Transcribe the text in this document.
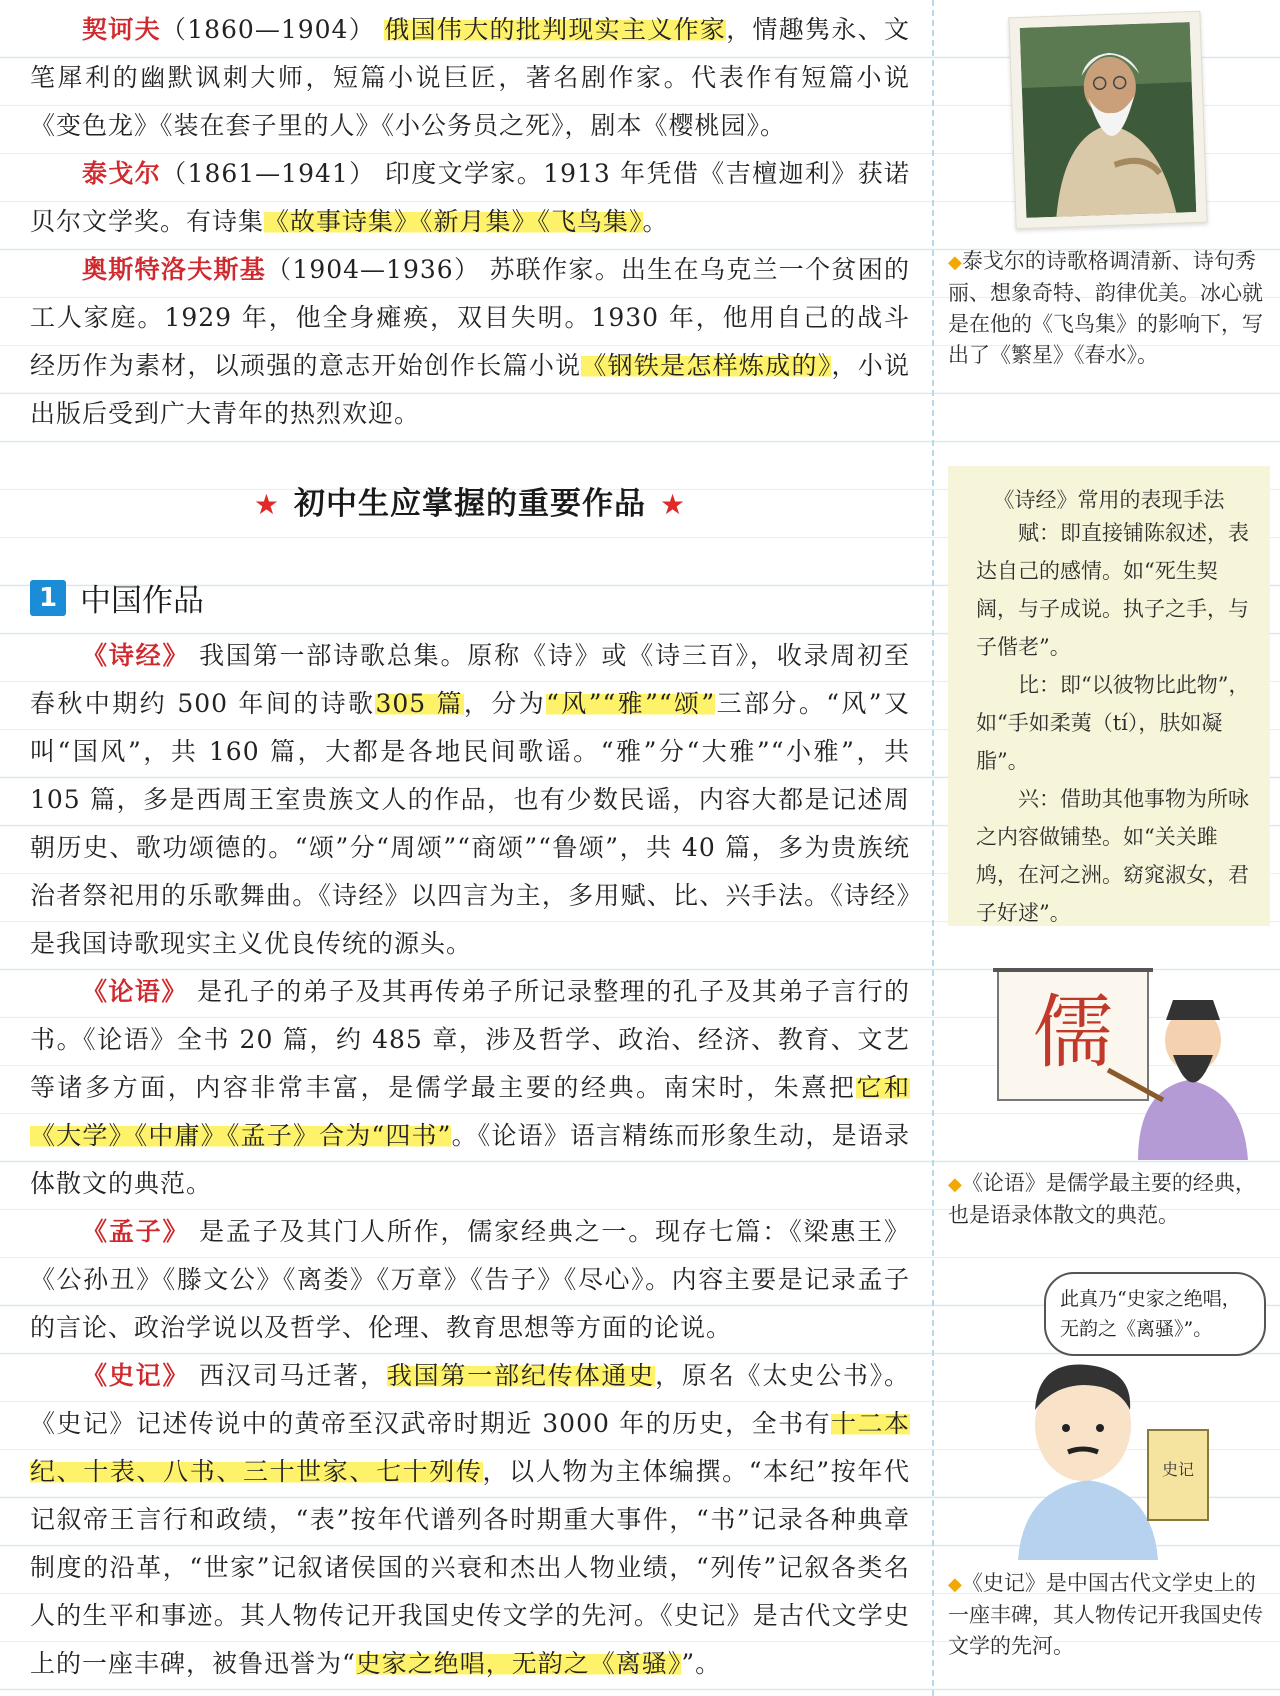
契诃夫（1860—1904） 俄国伟大的批判现实主义作家，情趣隽永、文笔犀利的幽默讽刺大师，短篇小说巨匠，著名剧作家。代表作有短篇小说《变色龙》《装在套子里的人》《小公务员之死》，剧本《樱桃园》。

泰戈尔（1861—1941） 印度文学家。1913 年凭借《吉檀迦利》获诺贝尔文学奖。有诗集《故事诗集》《新月集》《飞鸟集》。

奥斯特洛夫斯基（1904—1936） 苏联作家。出生在乌克兰一个贫困的工人家庭。1929 年，他全身瘫痪，双目失明。1930 年，他用自己的战斗经历作为素材，以顽强的意志开始创作长篇小说《钢铁是怎样炼成的》，小说出版后受到广大青年的热烈欢迎。

★ 初中生应掌握的重要作品 ★
1 中国作品

《诗经》 我国第一部诗歌总集。原称《诗》或《诗三百》，收录周初至春秋中期约 500 年间的诗歌305 篇，分为“风”“雅”“颂”三部分。“风”又叫“国风”，共 160 篇，大都是各地民间歌谣。“雅”分“大雅”“小雅”，共 105 篇，多是西周王室贵族文人的作品，也有少数民谣，内容大都是记述周朝历史、歌功颂德的。“颂”分“周颂”“商颂”“鲁颂”，共 40 篇，多为贵族统治者祭祀用的乐歌舞曲。《诗经》以四言为主，多用赋、比、兴手法。《诗经》是我国诗歌现实主义优良传统的源头。

《论语》 是孔子的弟子及其再传弟子所记录整理的孔子及其弟子言行的书。《论语》全书 20 篇，约 485 章，涉及哲学、政治、经济、教育、文艺等诸多方面，内容非常丰富，是儒学最主要的经典。南宋时，朱熹把它和《大学》《中庸》《孟子》合为“四书”。《论语》语言精练而形象生动，是语录体散文的典范。

《孟子》 是孟子及其门人所作，儒家经典之一。现存七篇：《梁惠王》《公孙丑》《滕文公》《离娄》《万章》《告子》《尽心》。内容主要是记录孟子的言论、政治学说以及哲学、伦理、教育思想等方面的论说。

《史记》 西汉司马迁著，我国第一部纪传体通史，原名《太史公书》。《史记》记述传说中的黄帝至汉武帝时期近 3000 年的历史，全书有十二本纪、十表、八书、三十世家、七十列传，以人物为主体编撰。“本纪”按年代记叙帝王言行和政绩，“表”按年代谱列各时期重大事件，“书”记录各种典章制度的沿革，“世家”记叙诸侯国的兴衰和杰出人物业绩，“列传”记叙各类名人的生平和事迹。其人物传记开我国史传文学的先河。《史记》是古代文学史上的一座丰碑，被鲁迅誉为“史家之绝唱，无韵之《离骚》”。

◆泰戈尔的诗歌格调清新、诗句秀丽、想象奇特、韵律优美。冰心就是在他的《飞鸟集》的影响下，写出了《繁星》《春水》。
《诗经》常用的表现手法

赋：即直接铺陈叙述，表达自己的感情。如“死生契阔，与子成说。执子之手，与子偕老”。

比：即“以彼物比此物”，如“手如柔荑（tí），肤如凝脂”。

兴：借助其他事物为所咏之内容做铺垫。如“关关雎鸠，在河之洲。窈窕淑女，君子好逑”。

儒
◆《论语》是儒学最主要的经典，也是语录体散文的典范。
此真乃“史家之绝唱，无韵之《离骚》”。
史记
◆《史记》是中国古代文学史上的一座丰碑，其人物传记开我国史传文学的先河。
